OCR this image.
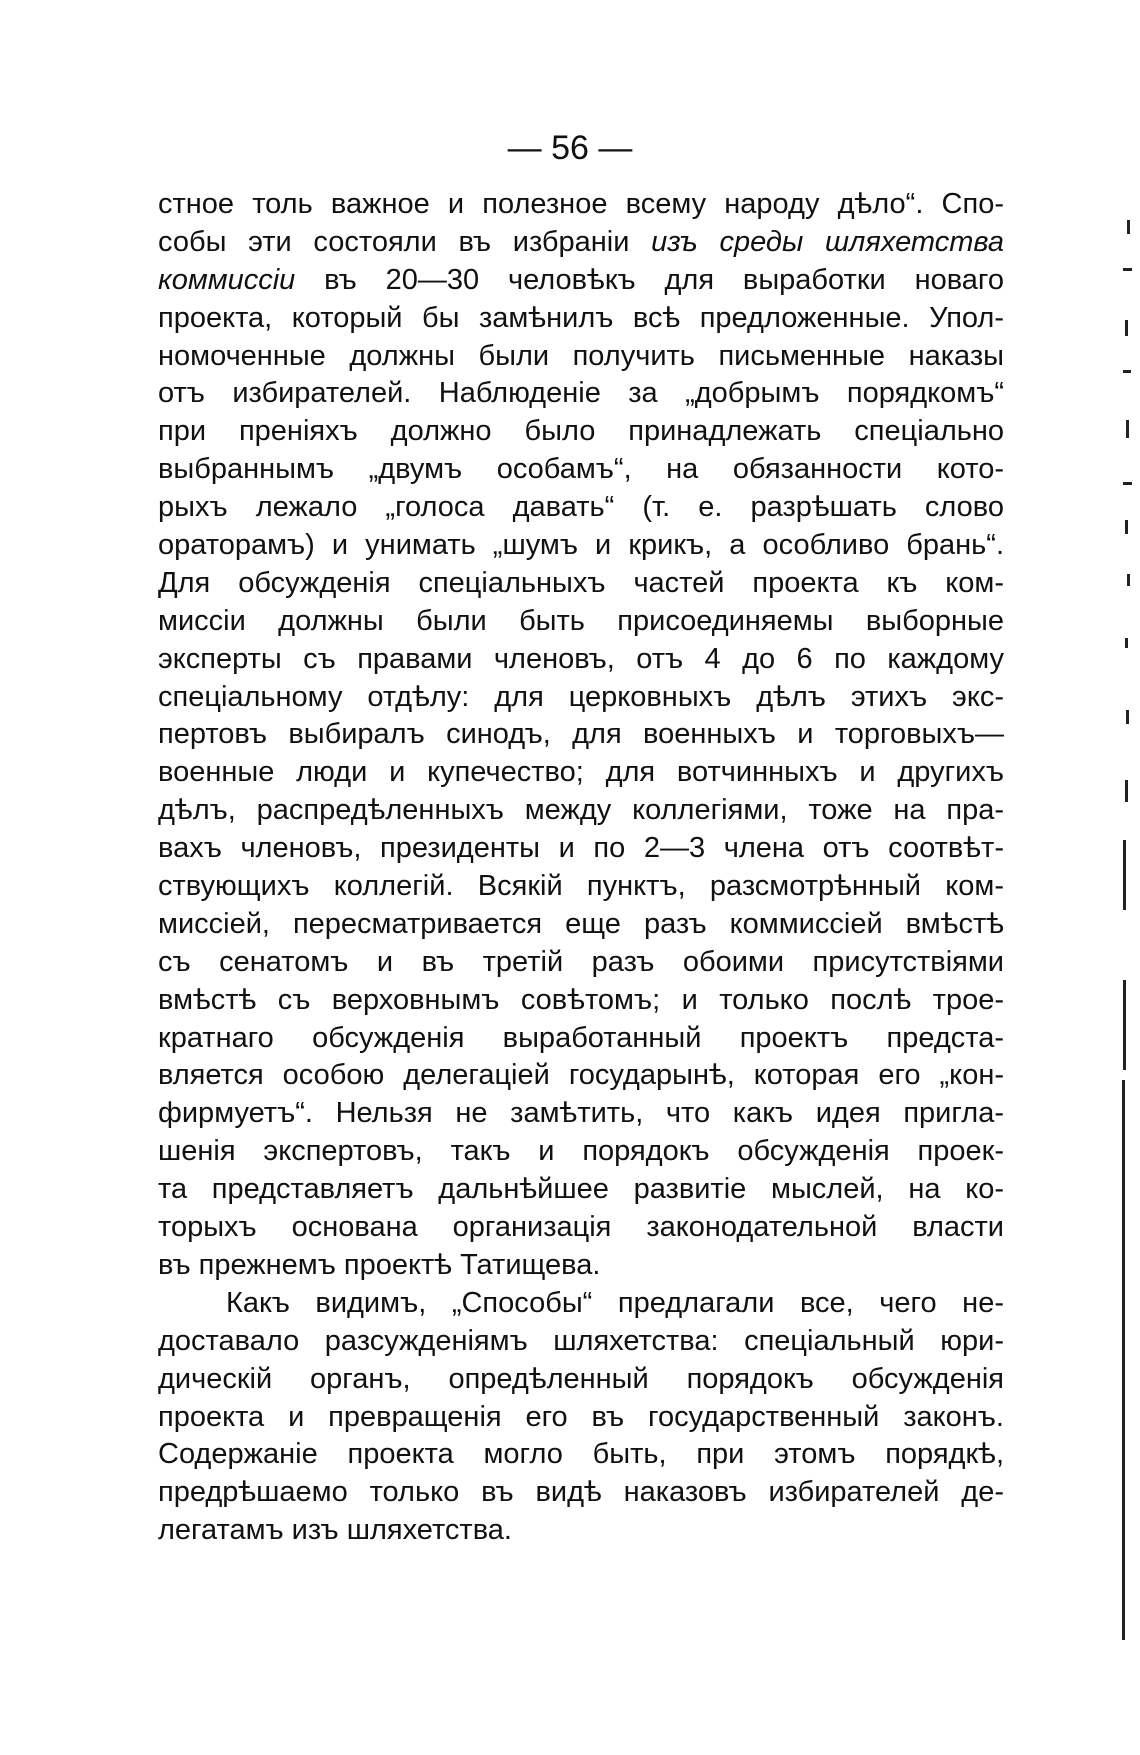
— 56 —
стное толь важное и полезное всему народу дѣло“. Спо-
собы эти состояли въ избраніи изъ среды шляхетства
коммиссіи въ 20—30 человѣкъ для выработки новаго
проекта, который бы замѣнилъ всѣ предложенные. Упол-
номоченные должны были получить письменные наказы
отъ избирателей. Наблюденіе за „добрымъ порядкомъ“
при преніяхъ должно было принадлежать спеціально
выбраннымъ „двумъ особамъ“, на обязанности кото-
рыхъ лежало „голоса давать“ (т. е. разрѣшать слово
ораторамъ) и унимать „шумъ и крикъ, а особливо брань“.
Для обсужденія спеціальныхъ частей проекта къ ком-
миссіи должны были быть присоединяемы выборные
эксперты съ правами членовъ, отъ 4 до 6 по каждому
спеціальному отдѣлу: для церковныхъ дѣлъ этихъ экс-
пертовъ выбиралъ синодъ, для военныхъ и торговыхъ—
военные люди и купечество; для вотчинныхъ и другихъ
дѣлъ, распредѣленныхъ между коллегіями, тоже на пра-
вахъ членовъ, президенты и по 2—3 члена отъ соотвѣт-
ствующихъ коллегій. Всякій пунктъ, разсмотрѣнный ком-
миссіей, пересматривается еще разъ коммиссіей вмѣстѣ
съ сенатомъ и въ третій разъ обоими присутствіями
вмѣстѣ съ верховнымъ совѣтомъ; и только послѣ трое-
кратнаго обсужденія выработанный проектъ предста-
вляется особою делегаціей государынѣ, которая его „кон-
фирмуетъ“. Нельзя не замѣтить, что какъ идея пригла-
шенія экспертовъ, такъ и порядокъ обсужденія проек-
та представляетъ дальнѣйшее развитіе мыслей, на ко-
торыхъ основана организація законодательной власти
въ прежнемъ проектѣ Татищева.
Какъ видимъ, „Способы“ предлагали все, чего не-
доставало разсужденіямъ шляхетства: спеціальный юри-
дическій органъ, опредѣленный порядокъ обсужденія
проекта и превращенія его въ государственный законъ.
Содержаніе проекта могло быть, при этомъ порядкѣ,
предрѣшаемо только въ видѣ наказовъ избирателей де-
легатамъ изъ шляхетства.
